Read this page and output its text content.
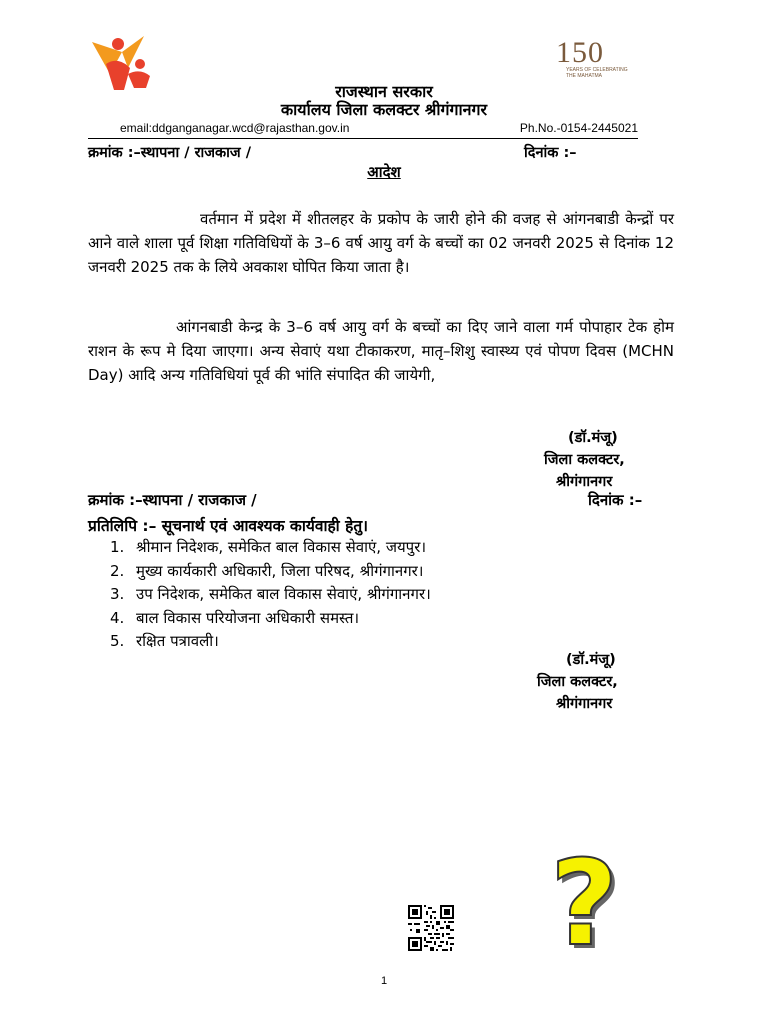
150
YEARS OF CELEBRATING THE MAHATMA
राजस्थान सरकार
कार्यालय जिला कलक्टर श्रीगंगानगर
email:ddganganagar.wcd@rajasthan.gov.in	Ph.No.-0154-2445021
क्रमांक :–स्थापना / राजकाज /	दिनांक :–
आदेश
वर्तमान में प्रदेश में शीतलहर के प्रकोप के जारी होने की वजह से आंगनबाडी केन्द्रों पर आने वाले शाला पूर्व शिक्षा गतिविधियों के 3–6 वर्ष आयु वर्ग के बच्चों का 02 जनवरी 2025 से दिनांक 12 जनवरी 2025 तक के लिये अवकाश घोपित किया जाता है।
आंगनबाडी केन्द्र के 3–6 वर्ष आयु वर्ग के बच्चों का दिए जाने वाला गर्म पोपाहार टेक होम राशन के रूप मे दिया जाएगा। अन्य सेवाएं यथा टीकाकरण, मातृ–शिशु स्वास्थ्य एवं पोपण दिवस (MCHN Day) आदि अन्य गतिविधियां पूर्व की भांति संपादित की जायेगी,
(डॉ.मंजू)
जिला कलक्टर,
श्रीगंगानगर
क्रमांक :–स्थापना / राजकाज /	दिनांक :–
प्रतिलिपि :– सूचनार्थ एवं आवश्यक कार्यवाही हेतु।
1. श्रीमान निदेशक, समेकित बाल विकास सेवाएं, जयपुर।
2. मुख्य कार्यकारी अधिकारी, जिला परिषद, श्रीगंगानगर।
3. उप निदेशक, समेकित बाल विकास सेवाएं, श्रीगंगानगर।
4. बाल विकास परियोजना अधिकारी समस्त।
5. रक्षित पत्रावली।
(डॉ.मंजू)
जिला कलक्टर,
श्रीगंगानगर
?
1
